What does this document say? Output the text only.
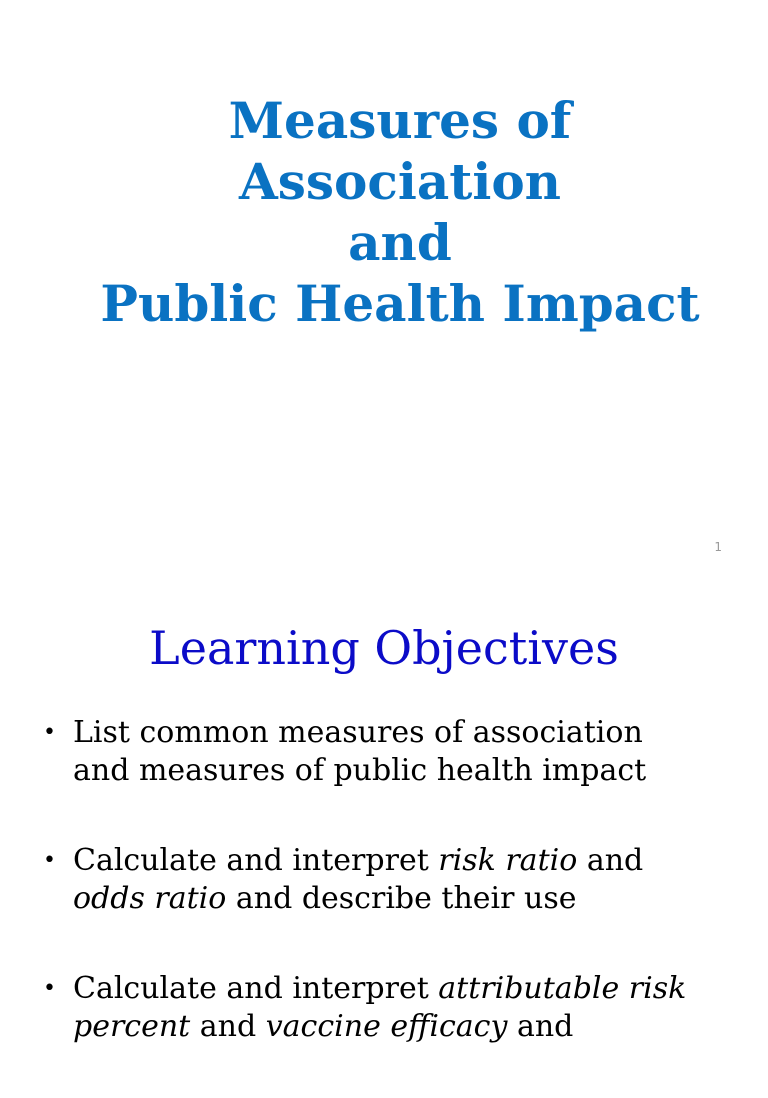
Measures of
Association
and
Public Health Impact
1
Learning Objectives
• List common measures of association
and measures of public health impact
• Calculate and interpret risk ratio and
odds ratio and describe their use
• Calculate and interpret attributable risk
percent and vaccine efficacy and
